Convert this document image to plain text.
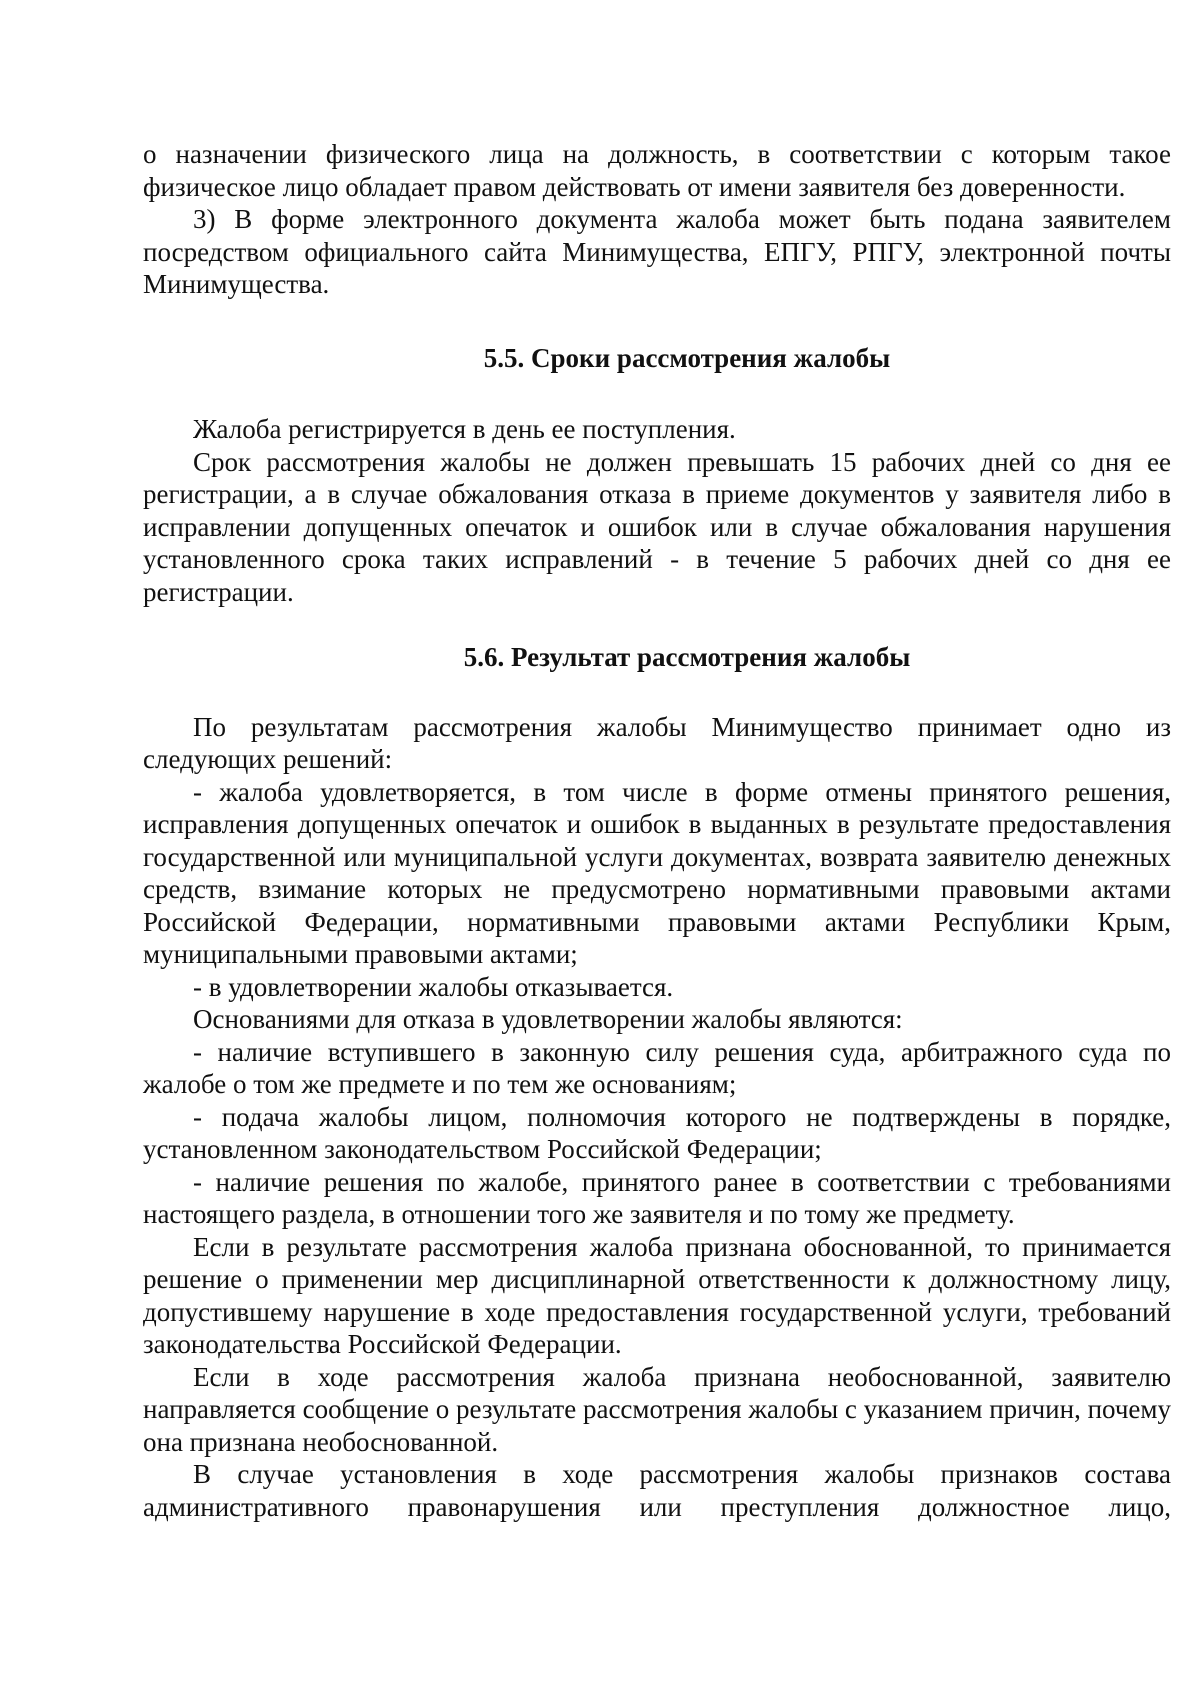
о назначении физического лица на должность, в соответствии с которым такое физическое лицо обладает правом действовать от имени заявителя без доверенности.

3) В форме электронного документа жалоба может быть подана заявителем посредством официального сайта Минимущества, ЕПГУ, РПГУ, электронной почты Минимущества.

5.5. Сроки рассмотрения жалобы

Жалоба регистрируется в день ее поступления.

Срок рассмотрения жалобы не должен превышать 15 рабочих дней со дня ее регистрации, а в случае обжалования отказа в приеме документов у заявителя либо в исправлении допущенных опечаток и ошибок или в случае обжалования нарушения установленного срока таких исправлений - в течение 5 рабочих дней со дня ее регистрации.

5.6. Результат рассмотрения жалобы

По результатам рассмотрения жалобы Минимущество принимает одно из следующих решений:

- жалоба удовлетворяется, в том числе в форме отмены принятого решения, исправления допущенных опечаток и ошибок в выданных в результате предоставления государственной или муниципальной услуги документах, возврата заявителю денежных средств, взимание которых не предусмотрено нормативными правовыми актами Российской Федерации, нормативными правовыми актами Республики Крым, муниципальными правовыми актами;

- в удовлетворении жалобы отказывается.

Основаниями для отказа в удовлетворении жалобы являются:

- наличие вступившего в законную силу решения суда, арбитражного суда по жалобе о том же предмете и по тем же основаниям;

- подача жалобы лицом, полномочия которого не подтверждены в порядке, установленном законодательством Российской Федерации;

- наличие решения по жалобе, принятого ранее в соответствии с требованиями настоящего раздела, в отношении того же заявителя и по тому же предмету.

Если в результате рассмотрения жалоба признана обоснованной, то принимается решение о применении мер дисциплинарной ответственности к должностному лицу, допустившему нарушение в ходе предоставления государственной услуги, требований законодательства Российской Федерации.

Если в ходе рассмотрения жалоба признана необоснованной, заявителю направляется сообщение о результате рассмотрения жалобы с указанием причин, почему она признана необоснованной.

В случае установления в ходе рассмотрения жалобы признаков состава административного правонарушения или преступления должностное лицо,
